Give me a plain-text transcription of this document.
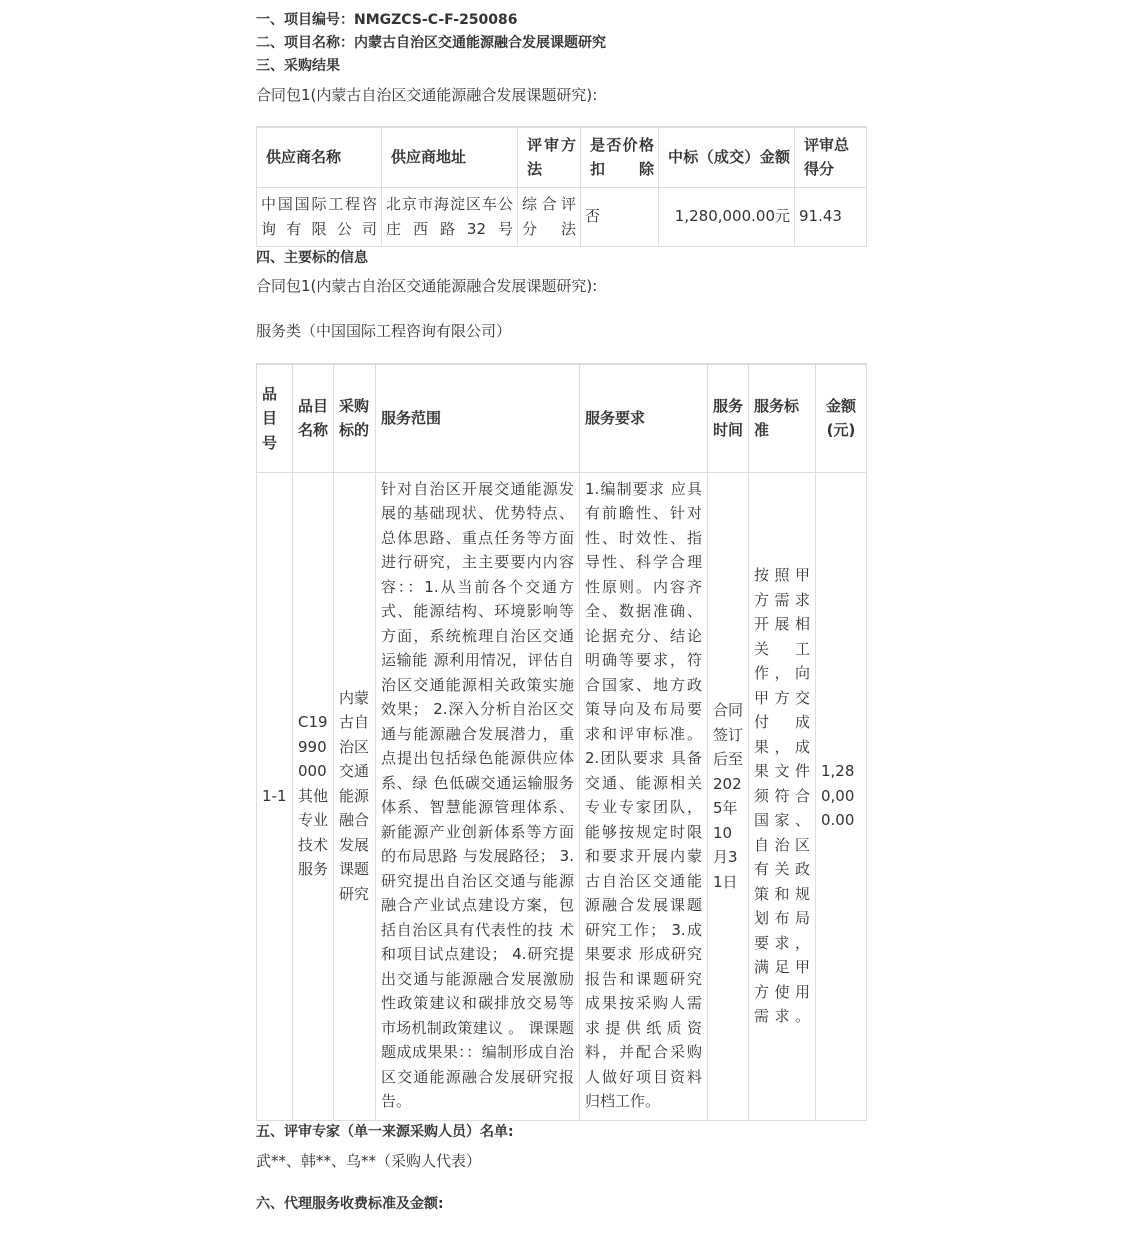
一、项目编号：NMGZCS-C-F-250086
二、项目名称：内蒙古自治区交通能源融合发展课题研究
三、采购结果
合同包1(内蒙古自治区交通能源融合发展课题研究):
供应商名称	供应商地址	评审方法	是否价格扣除	中标（成交）金额	评审总得分
中国国际工程咨询有限公司	北京市海淀区车公庄西路32号	综合评分法	否	1,280,000.00元	91.43
四、主要标的信息
合同包1(内蒙古自治区交通能源融合发展课题研究):
服务类（中国国际工程咨询有限公司）
品目号	品目名称	采购标的	服务范围	服务要求	服务时间	服务标准	金额(元)
1-1	C19990000其他专业技术服务	内蒙古自治区交通能源融合发展课题研究	针对自治区开展交通能源发展的基础现状、优势特点、总体思路、重点任务等方面进行研究，主主要要内内容容：：1.从当前各个交通方式、能源结构、环境影响等方面，系统梳理自治区交通运输能 源利用情况，评估自治区交通能源相关政策实施效果； 2.深入分析自治区交通与能源融合发展潜力，重点提出包括绿色能源供应体系、绿 色低碳交通运输服务体系、智慧能源管理体系、新能源产业创新体系等方面的布局思路 与发展路径； 3.研究提出自治区交通与能源融合产业试点建设方案，包括自治区具有代表性的技 术和项目试点建设； 4.研究提出交通与能源融合发展激励性政策建议和碳排放交易等市场机制政策建议 。 课课题题成成果果：：编制形成自治区交通能源融合发展研究报告。	1.编制要求 应具有前瞻性、针对性、时效性、指导性、科学合理性原则。内容齐全、数据准确、论据充分、结论明确等要求，符合国家、地方政策导向及布局要求和评审标准。2.团队要求 具备交通、能源相关专业专家团队，能够按规定时限和要求开展内蒙古自治区交通能源融合发展课题研究工作； 3.成果要求 形成研究报告和课题研究成果按采购人需求提供纸质资料，并配合采购人做好项目资料归档工作。	合同签订后至2025年10月31日	按照甲方需求开展相关 工作，向甲方交付成果，成果文件须符合国家、自治区有关政策和规划布局要求，满足甲方使用需求。	1,280,000.00
五、评审专家（单一来源采购人员）名单:
武**、韩**、乌**（采购人代表）
六、代理服务收费标准及金额:
